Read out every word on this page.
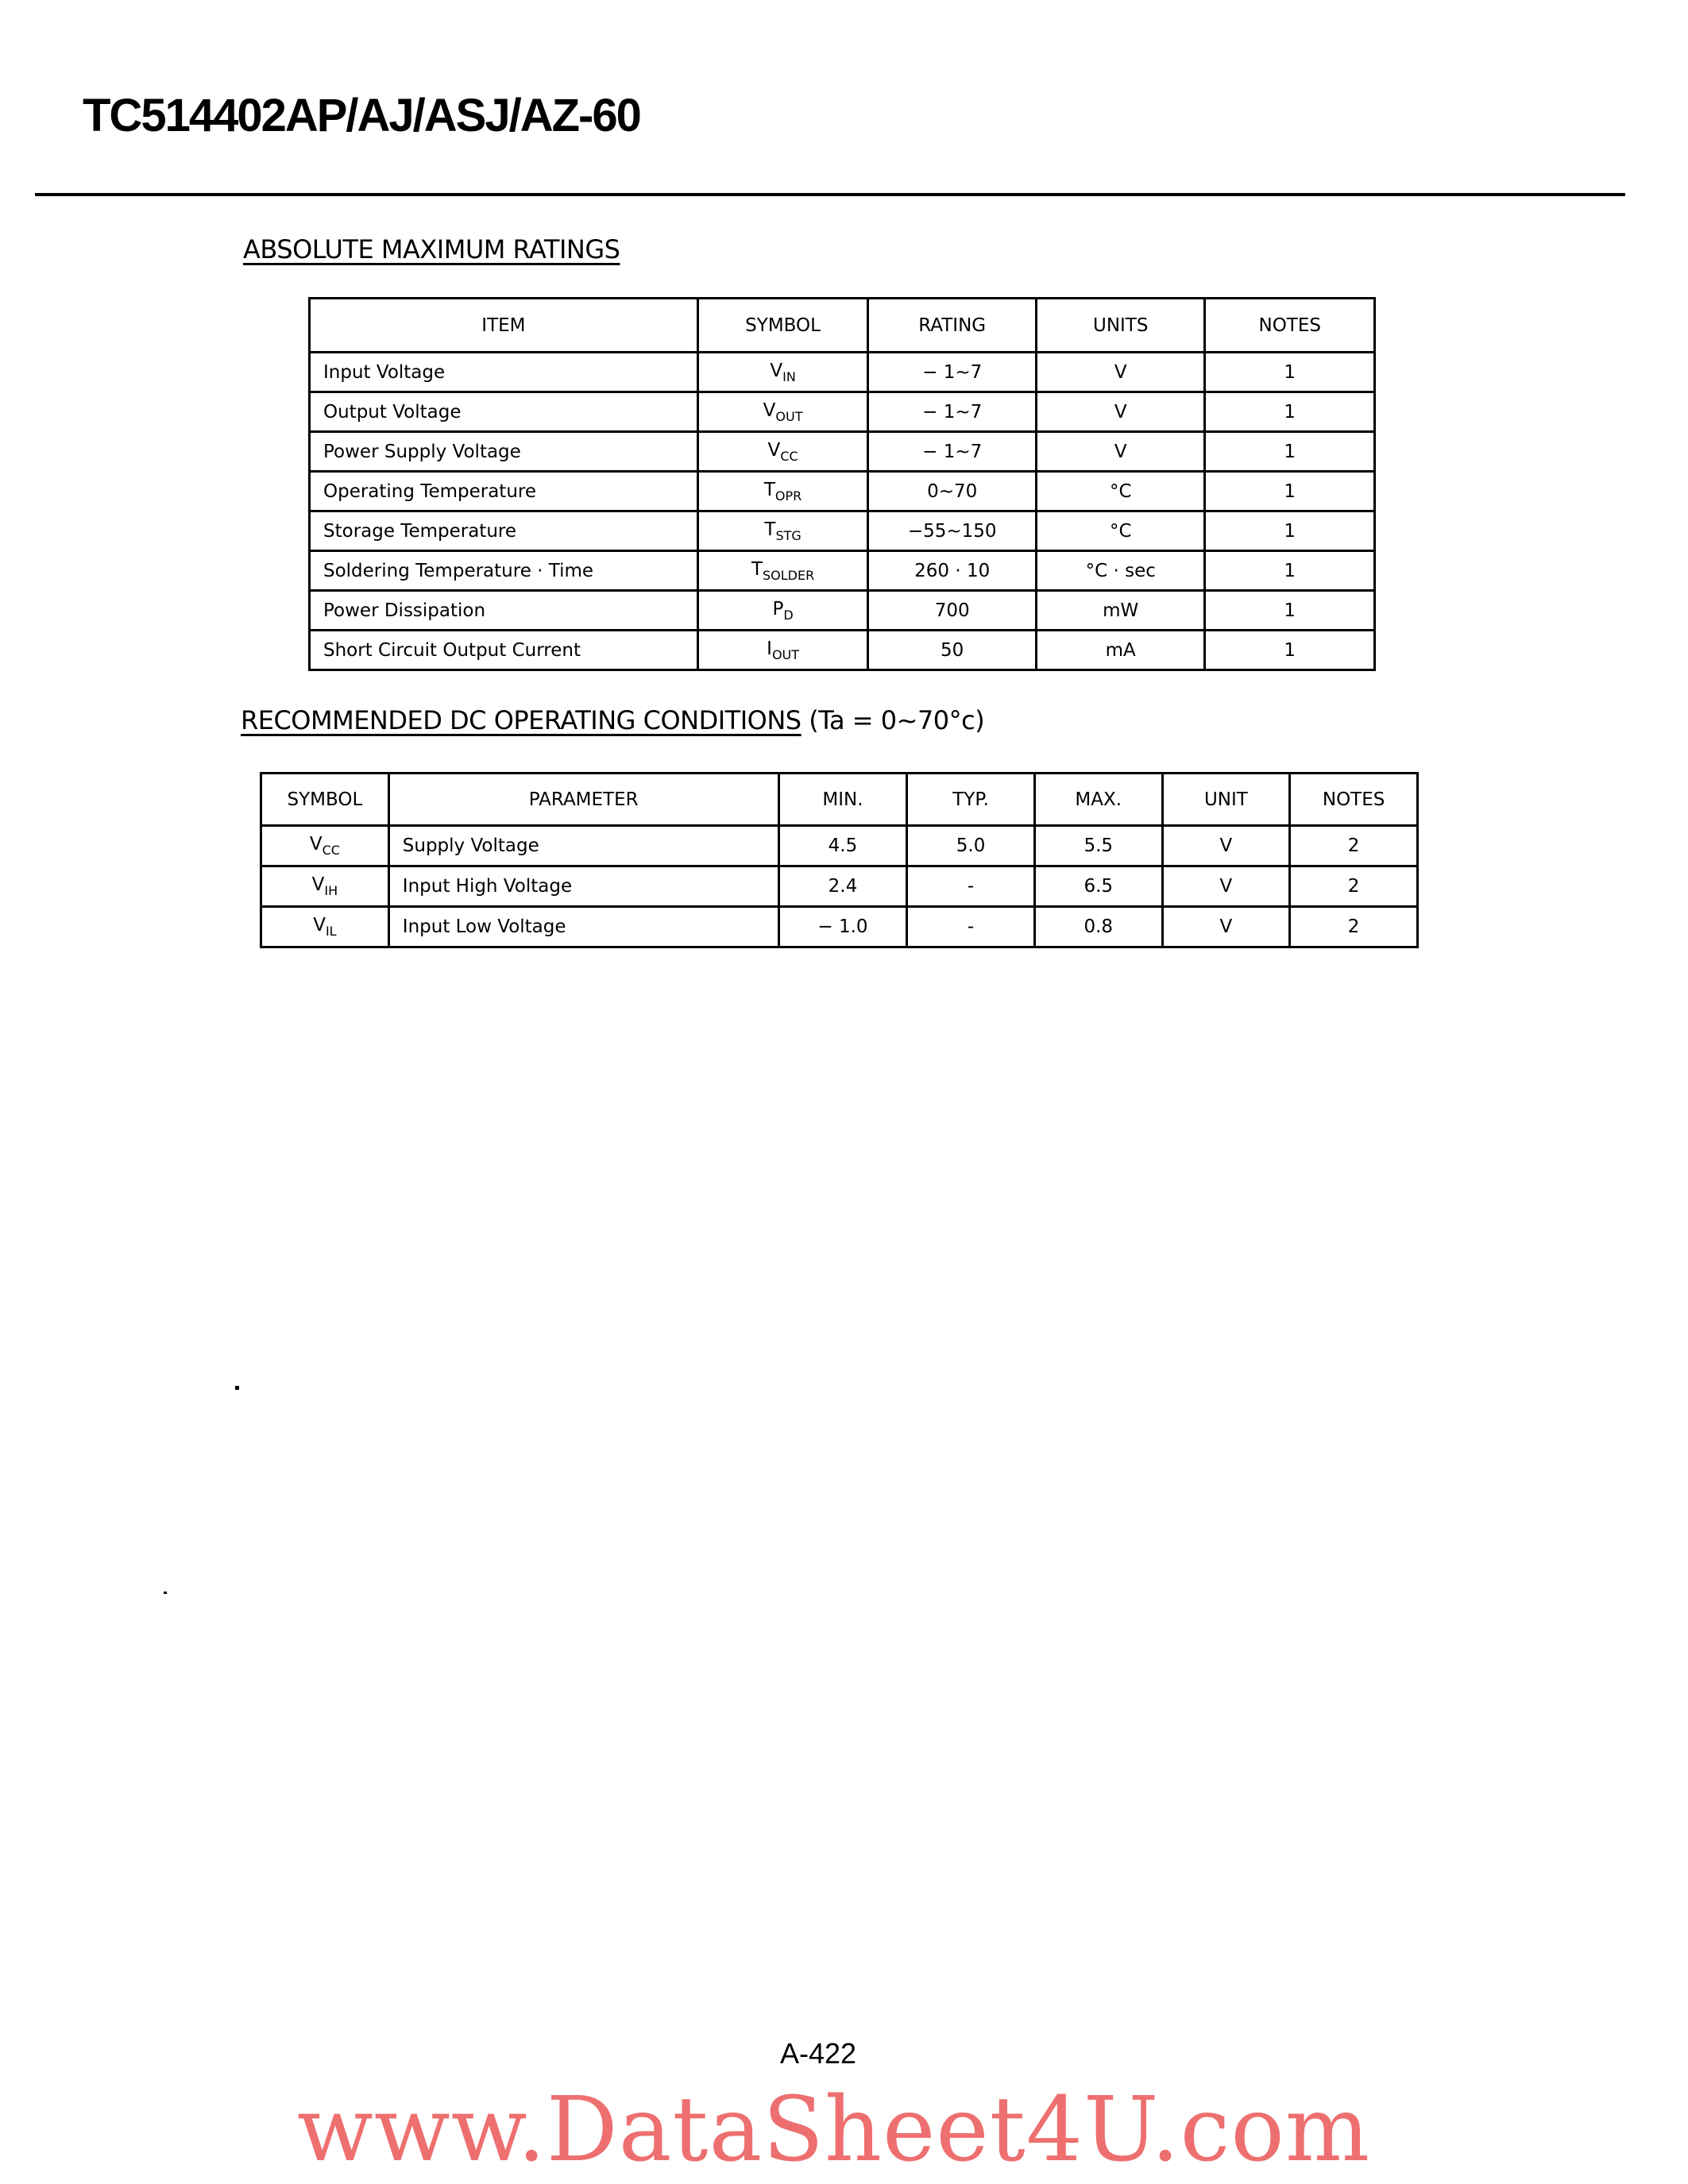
TC514402AP/AJ/ASJ/AZ-60
ABSOLUTE MAXIMUM RATINGS
ITEM	SYMBOL	RATING	UNITS	NOTES
Input Voltage	$V_{IN}$	− 1~7	V	1
Output Voltage	$V_{OUT}$	− 1~7	V	1
Power Supply Voltage	$V_{CC}$	− 1~7	V	1
Operating Temperature	$T_{OPR}$	0~70	°C	1
Storage Temperature	$T_{STG}$	−55~150	°C	1
Soldering Temperature · Time	$T_{SOLDER}$	260 · 10	°C · sec	1
Power Dissipation	$P_D$	700	mW	1
Short Circuit Output Current	$I_{OUT}$	50	mA	1
RECOMMENDED DC OPERATING CONDITIONS (Ta = 0~70°c)
SYMBOL	PARAMETER	MIN.	TYP.	MAX.	UNIT	NOTES
$V_{CC}$	Supply Voltage	4.5	5.0	5.5	V	2
$V_{IH}$	Input High Voltage	2.4	-	6.5	V	2
$V_{IL}$	Input Low Voltage	− 1.0	-	0.8	V	2
A-422
www.DataSheet4U.com
